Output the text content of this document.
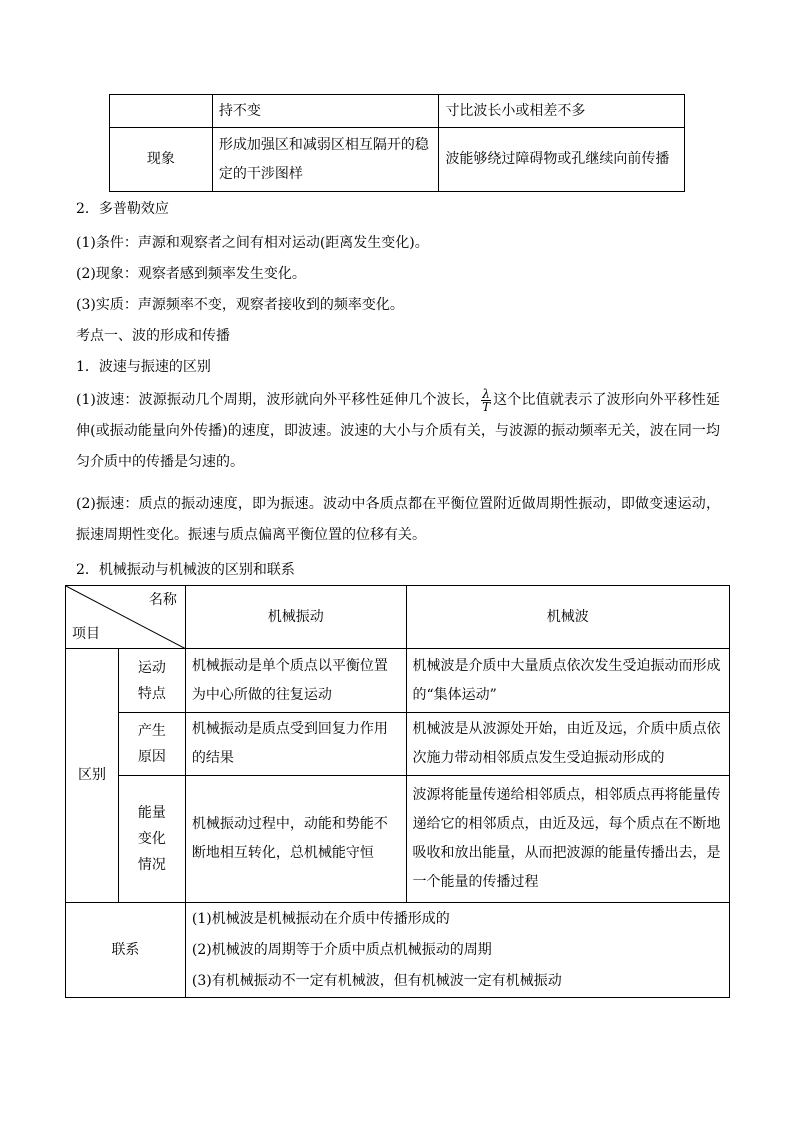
	持不变	寸比波长小或相差不多
现象	形成加强区和减弱区相互隔开的稳定的干涉图样	波能够绕过障碍物或孔继续向前传播
2．多普勒效应
(1)条件：声源和观察者之间有相对运动(距离发生变化)。
(2)现象：观察者感到频率发生变化。
(3)实质：声源频率不变，观察者接收到的频率变化。
考点一、波的形成和传播
1．波速与振速的区别
(1)波速：波源振动几个周期，波形就向外平移性延伸几个波长， $\frac{\lambda}{T}$ 这个比值就表示了波形向外平移性延伸(或振动能量向外传播)的速度，即波速。波速的大小与介质有关，与波源的振动频率无关，波在同一均匀介质中的传播是匀速的。
(2)振速：质点的振动速度，即为振速。波动中各质点都在平衡位置附近做周期性振动，即做变速运动，振速周期性变化。振速与质点偏离平衡位置的位移有关。
2．机械振动与机械波的区别和联系
名称
项目		机械振动	机械波
区别	运动特点	机械振动是单个质点以平衡位置为中心所做的往复运动	机械波是介质中大量质点依次发生受迫振动而形成的“集体运动”
	产生原因	机械振动是质点受到回复力作用的结果	机械波是从波源处开始，由近及远，介质中质点依次施力带动相邻质点发生受迫振动形成的
	能量变化情况	机械振动过程中，动能和势能不断地相互转化，总机械能守恒	波源将能量传递给相邻质点，相邻质点再将能量传递给它的相邻质点，由近及远，每个质点在不断地吸收和放出能量，从而把波源的能量传播出去，是一个能量的传播过程
联系		(1)机械波是机械振动在介质中传播形成的
(2)机械波的周期等于介质中质点机械振动的周期
(3)有机械振动不一定有机械波，但有机械波一定有机械振动	
